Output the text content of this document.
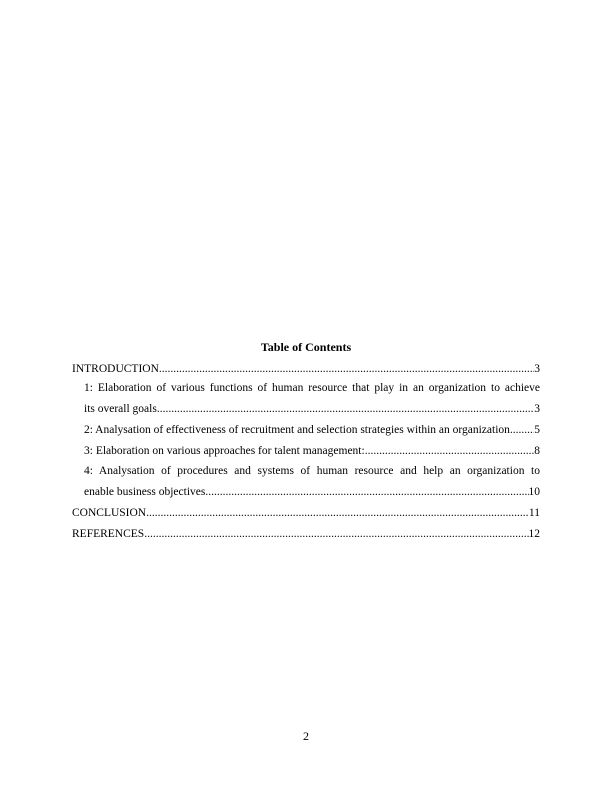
Table of Contents
INTRODUCTION .....	3
1: Elaboration of various functions of human resource that play in an organization to achieve
its overall goals .....	3
2: Analysation of effectiveness of recruitment and selection strategies within an organization. ..... 5
3: Elaboration on various approaches for talent management: .....	8
4: Analysation of procedures and systems of human resource and help an organization to
enable business objectives .....	10
CONCLUSION .....	11
REFERENCES .....	12
2
